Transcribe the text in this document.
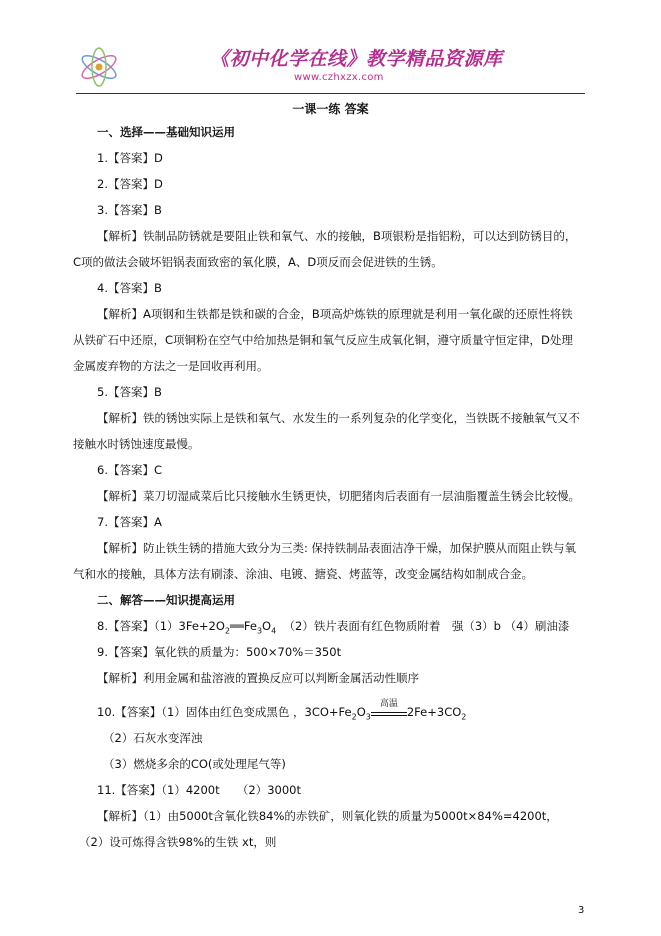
《初中化学在线》教学精品资源库
www.czhxzx.com
一课一练 答案
一、选择——基础知识运用
1.【答案】D
2.【答案】D
3.【答案】B
【解析】铁制品防锈就是要阻止铁和氧气、水的接触，B项银粉是指铝粉，可以达到防锈目的，
C项的做法会破坏铝锅表面致密的氧化膜，A、D项反而会促进铁的生锈。
4.【答案】B
【解析】A项钢和生铁都是铁和碳的合金，B项高炉炼铁的原理就是利用一氧化碳的还原性将铁
从铁矿石中还原，C项铜粉在空气中给加热是铜和氧气反应生成氧化铜，遵守质量守恒定律，D处理
金属废弃物的方法之一是回收再利用。
5.【答案】B
【解析】铁的锈蚀实际上是铁和氧气、水发生的一系列复杂的化学变化，当铁既不接触氧气又不
接触水时锈蚀速度最慢。
6.【答案】C
【解析】菜刀切湿咸菜后比只接触水生锈更快，切肥猪肉后表面有一层油脂覆盖生锈会比较慢。
7.【答案】A
【解析】防止铁生锈的措施大致分为三类: 保持铁制品表面洁净干燥，加保护膜从而阻止铁与氧
气和水的接触，具体方法有刷漆、涂油、电镀、搪瓷、烤蓝等，改变金属结构如制成合金。
二、解答——知识提高运用
8.【答案】$(1)3Fe+2O_2══Fe_3O_4$ （2）铁片表面有红色物质附着　强（3）b （4）刷油漆
9.【答案】氧化铁的质量为：500×70%＝350t
【解析】利用金属和盐溶液的置换反应可以判断金属活动性顺序
10.【答案】（1）固体由红色变成黑色 ，$3CO+Fe_2O_3$
高温
$2Fe+3CO_2$
（2）石灰水变浑浊
（3）燃烧多余的CO(或处理尾气等)
11.【答案】（1）4200t　　（2）3000t
【解析】（1）由5000t含氧化铁84%的赤铁矿，则氧化铁的质量为5000t×84%=4200t，
（2）设可炼得含铁98%的生铁 xt，则
3
